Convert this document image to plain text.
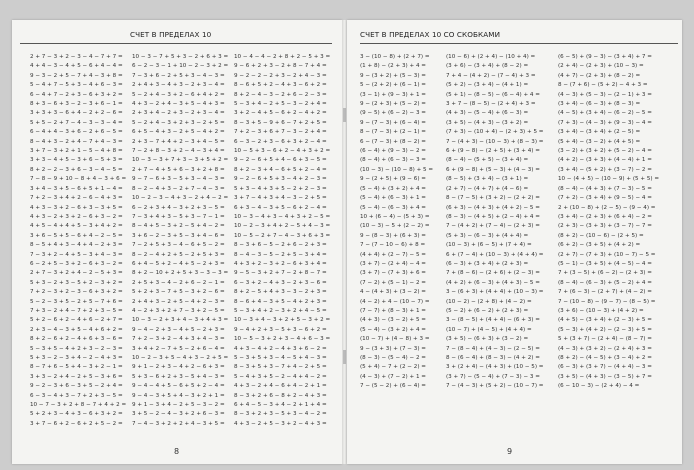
СЧЕТ В ПРЕДЕЛАХ 10
2 + 7 − 3 + 2 − 3 − 4 − 7 + 7 =
4 + 4 − 3 − 4 + 5 − 6 + 4 − 4 =
9 − 3 − 2 + 5 − 7 + 4 − 3 + 8 =
5 − 4 + 7 − 5 + 3 − 4 + 6 − 3 =
6 − 4 + 7 − 2 + 3 − 6 + 3 + 2 =
8 + 3 − 6 + 3 − 2 − 3 + 6 − 1 =
3 + 3 + 3 − 6 + 4 − 2 + 2 − 6 =
5 + 5 − 2 + 7 − 4 − 3 − 3 − 4 =
6 − 4 + 4 − 3 + 6 − 2 + 6 − 5 =
8 − 4 + 3 − 2 + 4 − 7 + 4 − 3 =
3 + 7 − 3 + 2 + 1 − 5 − 4 + 8 =
3 + 3 − 4 + 5 − 3 + 6 − 5 + 3 =
8 + 2 − 2 − 3 + 6 − 3 − 4 − 5 =
7 − 8 − 9 + 10 − 8 + 4 − 3 + 6 =
3 + 4 − 3 + 5 − 6 + 5 + 1 − 4 =
7 + 2 − 3 + 4 + 2 − 6 − 4 + 3 =
4 + 3 − 3 + 2 − 6 + 3 − 3 + 5 =
4 + 3 − 2 + 3 + 2 − 6 + 3 − 2 =
4 + 5 − 4 + 4 + 5 − 3 + 4 + 2 =
3 + 6 − 5 + 5 − 6 + 4 − 2 − 5 =
8 − 5 + 4 + 3 − 4 + 4 − 2 + 3 =
7 − 3 + 2 − 4 + 5 − 3 + 4 − 3 =
6 − 2 + 5 − 3 + 2 − 6 + 3 − 2 =
2 + 7 − 3 + 2 + 4 − 2 − 5 + 3 =
5 + 3 − 2 + 3 − 5 + 2 − 3 + 2 =
7 + 2 − 3 + 2 − 3 − 6 + 3 + 2 =
5 − 2 − 3 + 5 − 2 + 5 − 7 + 6 =
7 + 3 − 2 + 4 − 7 + 2 + 3 − 5 =
5 + 2 − 6 + 2 − 4 + 6 − 2 + 7 =
2 + 3 − 4 − 3 + 5 − 4 + 6 + 2 =
8 + 2 − 6 + 2 − 4 + 6 + 3 − 6 =
5 − 3 + 5 − 4 + 2 + 3 − 2 − 3 =
5 + 3 − 2 − 3 + 4 − 2 − 4 + 3 =
8 − 7 + 6 − 5 + 4 − 3 + 2 − 1 =
3 + 3 − 2 + 4 − 2 + 5 − 3 + 6 =
9 − 2 − 3 + 6 − 3 + 5 − 2 + 4 =
6 − 3 − 4 + 3 − 7 + 2 + 3 − 5 =
10 − 7 − 3 + 2 + 8 − 7 + 4 + 2 =
5 + 2 + 3 − 4 + 3 − 6 + 3 + 2 =
3 + 7 − 6 + 2 − 6 + 2 + 5 − 2 =
10 − 3 − 7 + 5 + 3 − 2 + 6 + 3 =
6 − 2 − 3 − 1 + 10 − 2 − 3 + 2 =
7 − 3 + 6 − 2 + 5 + 3 − 4 − 3 =
2 + 4 + 3 − 4 + 3 − 2 + 3 − 4 =
5 − 2 + 4 − 3 + 2 − 6 + 4 + 2 =
4 + 3 − 2 + 4 − 3 + 5 − 4 + 3 =
2 + 3 + 4 − 2 + 3 − 2 + 3 − 4 =
5 − 2 + 4 − 3 + 2 + 3 − 2 + 5 =
6 + 5 − 4 + 3 − 2 + 5 − 4 + 2 =
2 + 3 − 7 + 4 + 2 − 3 + 4 − 5 =
7 − 2 + 8 − 3 + 2 − 4 − 3 + 4 =
10 − 3 − 3 + 7 + 3 − 3 + 5 + 2 =
2 + 7 − 4 + 5 + 6 − 3 + 2 + 8 =
9 − 7 − 6 + 3 − 5 + 3 − 4 − 3 =
8 − 2 − 4 + 3 − 2 + 7 − 4 − 3 =
10 − 2 − 3 − 4 + 3 − 2 + 4 − 2 =
6 − 2 + 3 + 4 − 3 + 2 + 3 − 5 =
7 − 3 + 4 + 3 − 5 + 3 − 7 − 1 =
8 − 4 + 5 − 3 + 2 − 5 + 4 − 2 =
3 + 6 − 2 − 3 + 5 − 3 + 4 − 6 =
7 − 2 + 5 + 3 − 4 − 6 + 5 − 2 =
8 − 2 − 4 + 2 + 5 − 2 + 5 + 3 =
6 + 4 − 5 + 2 − 4 + 5 − 2 + 3 =
8 + 2 − 10 + 2 + 5 + 3 − 3 − 3 =
2 + 5 + 3 − 4 − 2 + 6 − 2 − 1 =
5 + 2 + 3 − 7 + 5 − 3 + 2 − 6 =
2 + 4 + 3 − 2 + 5 − 4 + 2 − 3 =
4 − 2 + 3 + 2 + 7 − 3 + 2 − 5 =
10 − 3 − 2 + 3 + 4 − 3 + 4 + 3 =
9 − 4 − 2 + 3 − 4 + 5 − 2 + 3 =
7 + 2 − 3 + 2 − 4 + 3 + 4 − 3 =
3 + 4 + 2 − 7 + 5 − 2 + 6 − 4 =
10 − 2 − 3 + 5 − 4 + 3 − 2 + 5 =
9 + 1 − 2 + 3 − 4 + 2 − 6 + 3 =
5 + 3 − 6 + 2 + 3 − 5 + 4 − 3 =
9 − 4 − 4 + 5 − 6 + 5 + 2 − 4 =
9 − 4 − 3 + 5 + 4 − 3 + 2 + 1 =
9 + 1 − 3 + 4 − 2 + 5 − 3 − 2 =
3 + 5 − 2 − 4 − 3 + 2 + 6 − 3 =
7 − 4 − 3 + 2 + 2 + 4 − 3 + 5 =
10 − 4 − 4 − 2 + 8 + 2 − 5 + 3 =
9 − 6 + 2 + 3 − 2 + 8 − 7 + 4 =
9 − 2 − 2 − 2 + 3 − 2 + 4 − 3 =
8 − 6 + 5 + 2 − 4 + 3 − 6 + 2 =
8 + 2 − 4 − 3 − 2 + 6 − 2 − 3 =
5 − 3 + 4 − 2 + 5 − 3 − 2 + 4 =
3 + 2 − 4 + 5 − 6 + 2 − 4 + 2 =
8 − 3 + 5 − 9 + 6 − 7 + 2 + 5 =
7 + 2 − 3 + 6 + 7 − 3 − 2 + 4 =
6 − 3 − 2 + 3 − 6 + 3 + 2 − 4 =
10 − 5 + 3 − 6 + 2 − 4 + 3 + 2 =
9 − 2 − 6 + 5 + 4 − 6 + 3 − 5 =
8 + 2 − 3 + 4 − 6 + 5 + 2 − 4 =
9 − 2 − 6 + 5 + 3 − 4 + 2 − 3 =
5 + 3 − 4 + 3 + 5 − 2 + 2 − 3 =
3 + 7 − 4 + 3 + 4 − 3 − 2 + 5 =
6 + 3 − 4 − 3 + 5 − 6 + 2 − 4 =
10 − 3 − 4 + 3 − 4 + 3 + 2 − 5 =
10 − 2 − 3 + 4 + 2 − 5 + 4 − 3 =
10 − 5 − 2 + 7 − 4 − 3 + 6 + 3 =
8 − 3 + 6 − 5 − 2 + 6 − 2 + 3 =
8 − 4 − 3 − 5 − 2 + 5 − 3 + 4 =
4 + 3 + 2 − 3 + 2 − 6 + 3 + 4 =
9 − 5 − 3 + 2 + 7 − 2 + 8 − 7 =
6 − 3 + 2 − 4 + 3 − 2 + 3 − 6 =
8 + 2 − 5 + 4 + 3 − 3 − 2 + 3 =
8 − 6 + 4 − 3 + 5 − 4 + 2 + 3 =
5 − 3 + 4 + 2 − 3 + 2 + 4 − 5 =
10 − 3 + 4 − 3 + 2 + 5 − 3 + 2 =
9 − 4 + 2 + 3 − 5 + 3 − 6 + 2 =
10 − 5 − 3 + 2 + 3 − 4 + 6 − 3 =
4 + 3 − 4 + 2 − 4 + 3 + 6 − 2 =
5 − 3 + 5 + 3 − 4 − 5 + 4 − 3 =
8 − 3 + 5 + 3 − 7 + 4 − 2 + 5 =
5 − 4 + 3 + 5 − 2 − 4 + 4 − 2 =
4 + 3 − 2 + 4 − 6 + 4 − 2 + 1 =
8 − 3 + 2 + 6 − 8 + 2 − 4 + 3 =
6 + 4 − 5 − 3 + 4 − 2 + 1 + 4 =
8 − 3 + 2 + 3 − 5 + 3 − 4 − 2 =
4 + 3 − 2 + 5 − 3 + 2 − 4 + 3 =
8
СЧЕТ В ПРЕДЕЛАХ 10 СО СКОБКАМИ
3 − (10 − 8) + (2 + 7) =
(1 + 8) − (2 + 3) + 4 =
9 − (3 + 2) + (5 − 3) =
5 − (2 + 2) + (6 − 1) =
(3 − 1) + (9 − 3) + 1 =
9 − (2 + 3) + (5 − 2) =
(9 − 5) + (6 − 2) − 3 =
9 − (7 − 3) + (6 − 4) =
8 − (7 − 3) + (2 − 1) =
6 − (7 − 3) + (8 − 2) =
(6 − 4) + (9 − 3) − 2 =
(8 − 4) + (6 − 3) − 3 =
(10 − 3) − (10 − 8) + 5 =
9 − (2 + 5) + (9 − 6) =
(5 − 4) + (3 + 2) + 4 =
(5 − 4) + (6 − 3) + 1 =
(5 − 4) − (6 − 3) + 4 =
10 + (6 − 4) − (5 + 3) =
(10 − 3) − 5 + (2 − 2) =
9 − (8 − 3) + (6 + 3) =
7 − (7 − 10 − 6) + 8 =
(4 + 4) + (2 − 7) − 5 =
(3 + 7) − (2 + 4) − 4 =
(3 + 7) − (7 + 3) + 6 =
(7 − 2) + (5 − 1) − 2 =
4 − (4 + 3) + (3 − 2) =
(4 − 2) + 4 − (10 − 7) =
(7 − 7) + (8 − 3) + 1 =
(4 + 3) − (3 − 2) + 5 =
(5 − 4) − (3 + 2) + 4 =
(10 − 7) + (4 − 8) + 3 =
9 − (3 + 3) + (7 − 3) =
(8 − 3) − (5 − 4) − 2 =
(5 + 4) − 7 + (2 − 2) =
(4 − 3) + (7 − 2) + 1 =
7 − (5 − 2) + (6 − 4) =
(10 − 6) + (2 + 4) − (10 + 4) =
(3 + 6) − (3 + 4) + (8 − 2) =
7 + 4 − (4 + 2) − (7 − 4) + 3 =
(5 + 2) − (3 + 4) − (4 + 1) =
(5 + 1) − (8 − 5) − (6 − 4) + 4 =
3 + 7 − (8 − 5) − (2 + 4) + 3 =
(4 + 3) − (5 − 4) + (6 − 3) =
(3 + 5) − (4 + 3) − (3 + 2) =
(7 + 3) − (10 + 4) − (2 + 3) + 5 =
7 − (4 + 3) − (10 − 3) + (8 − 3) =
6 + (9 − 8) − (2 + 5) + (3 + 4) =
(8 − 4) − (5 + 5) − (3 + 4) =
6 + (9 − 8) + (5 − 3) + (4 − 3) =
(8 − 5) + (3 + 4) − (3 + 1) =
(2 + 7) − (4 + 7) + (4 − 6) =
8 − (7 − 5) + (3 + 2) − (2 + 2) =
(6 + 3) − (4 + 3) + (4 + 2) − 5 =
(8 − 3) − (4 + 5) + (2 − 4) + 4 =
7 − (4 + 2) + (7 − 4) − (2 + 3) =
(5 + 3) − (6 − 3) + (4 + 4) =
(10 − 3) + (6 − 5) + (7 + 4) =
6 + (7 − 4) + (10 − 3) + (4 + 4) =
(6 − 3) + (3 + 4) + (2 + 3) =
7 + (8 − 6) − (2 + 6) + (2 − 3) =
(4 + 2) + (6 − 3) + (4 + 3) − 5 =
3 − (6 + 3) + (4 + 4) + (10 − 3) =
(10 − 2) − (2 + 8) + (4 − 2) =
(5 − 2) + (6 − 2) + (2 + 3) =
3 − (8 − 5) + (4 + 4) − (6 + 3) =
(10 − 7) + (4 − 5) + (4 + 4) =
(3 + 5) − (6 + 3) + (3 − 2) =
7 − (8 − 4) + (4 − 3) − (2 − 5) =
8 − (6 − 4) + (8 − 3) − (4 + 2) =
3 + (2 + 4) − (4 + 3) + (10 − 5) =
(3 + 7) − (5 − 4) + (7 − 3) − 3 =
7 − (4 − 3) + (5 + 2) − (10 − 7) =
(6 − 5) + (9 − 3) − (3 + 4) + 7 =
(2 + 4) − (2 + 3) + (10 − 3) =
(4 + 7) − (2 + 3) + (8 − 2) =
8 − (7 + 6) − (5 + 2) − 4 + 3 =
(4 − 3) + (5 − 3) − (2 − 1) + 3 =
(3 + 4) − (6 − 3) + (8 − 3) =
(4 − 5) + (3 + 4) − (6 − 2) − 5 =
(7 + 3) − (4 − 3) + (9 − 3) − 4 =
(3 + 4) − (3 + 4) + (2 − 5) =
(5 + 4) − (3 − 2) + (4 + 5) =
(3 − 2) + (3 + 2) + (5 − 2) − 4 =
(4 + 2) − (3 + 3) + (4 − 4) + 1 =
(3 + 4) − (5 + 2) + (3 − 7) − 2 =
10 − (4 + 5) − (10 − 9) + (5 + 5) =
(8 − 4) − (4 + 3) + (7 − 3) − 5 =
(7 + 2) − (3 + 4) + (9 − 5) − 4 =
2 + (10 − 8) + (2 − 5) − (9 − 4) =
(3 + 4) − (2 + 3) + (6 + 4) − 2 =
(2 + 3) − (3 + 3) + (3 − 7) − 7 =
(8 + 2) − (10 − 6) − (2 + 5) =
(6 + 2) − (3 + 5) + (4 + 2) =
(2 + 7) − (7 + 3) + (10 − 7) − 5 =
(5 − 1) − (3 + 5) + (4 − 5) − 4 =
7 + (3 − 5) + (6 − 2) − (2 + 3) =
(8 − 4) − (6 − 3) + (5 − 2) + 4 =
7 + (6 − 3) − (2 + 7) + (4 − 2) =
7 − (10 − 8) − (9 − 7) − (8 − 5) =
(3 + 6) − (10 − 3) + (4 + 2) =
(4 + 5) − (3 + 4) + (2 − 3) + 5 =
(5 − 3) + (4 + 2) − (2 − 3) + 5 =
5 + (3 + 7) − (2 + 4) − (8 − 7) =
(4 − 3) + (3 + 2) − (2 + 4) + 3 =
(8 + 2) − (4 − 5) + (3 − 4) + 2 =
(6 − 3) + (3 + 7) − (4 + 4) − 3 =
(3 + 5) − (4 + 3) − (3 − 5) + 7 =
(6 − 10 − 3) − (2 + 4) − 4 =
9
